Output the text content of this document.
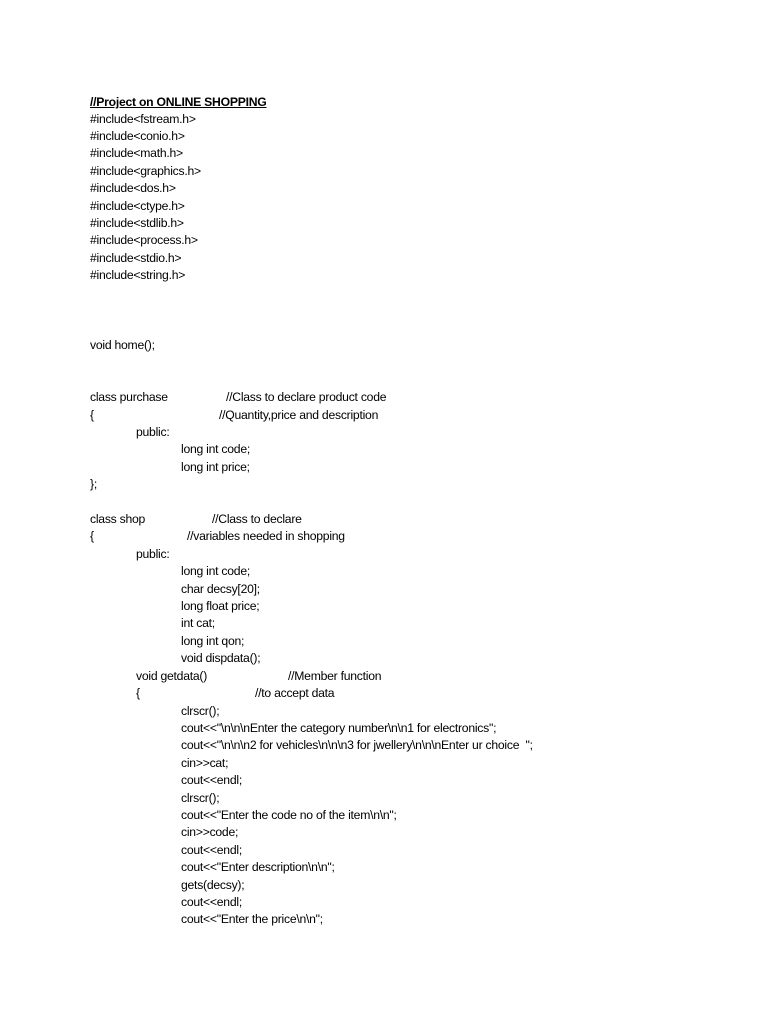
//Project on ONLINE SHOPPING
#include<fstream.h>
#include<conio.h>
#include<math.h>
#include<graphics.h>
#include<dos.h>
#include<ctype.h>
#include<stdlib.h>
#include<process.h>
#include<stdio.h>
#include<string.h>
void home();
class purchase	//Class to declare product code
{	//Quantity,price and description
public:
long int code;
long int price;
};
class shop	//Class to declare
{	//variables needed in shopping
public:
long int code;
char decsy[20];
long float price;
int cat;
long int qon;
void dispdata();
void getdata()	//Member function
{	//to accept data
clrscr();
cout<<"\n\n\nEnter the category number\n\n1 for electronics";
cout<<"\n\n\n2 for vehicles\n\n\n3 for jwellery\n\n\nEnter ur choice  ";
cin>>cat;
cout<<endl;
clrscr();
cout<<"Enter the code no of the item\n\n";
cin>>code;
cout<<endl;
cout<<"Enter description\n\n";
gets(decsy);
cout<<endl;
cout<<"Enter the price\n\n";
